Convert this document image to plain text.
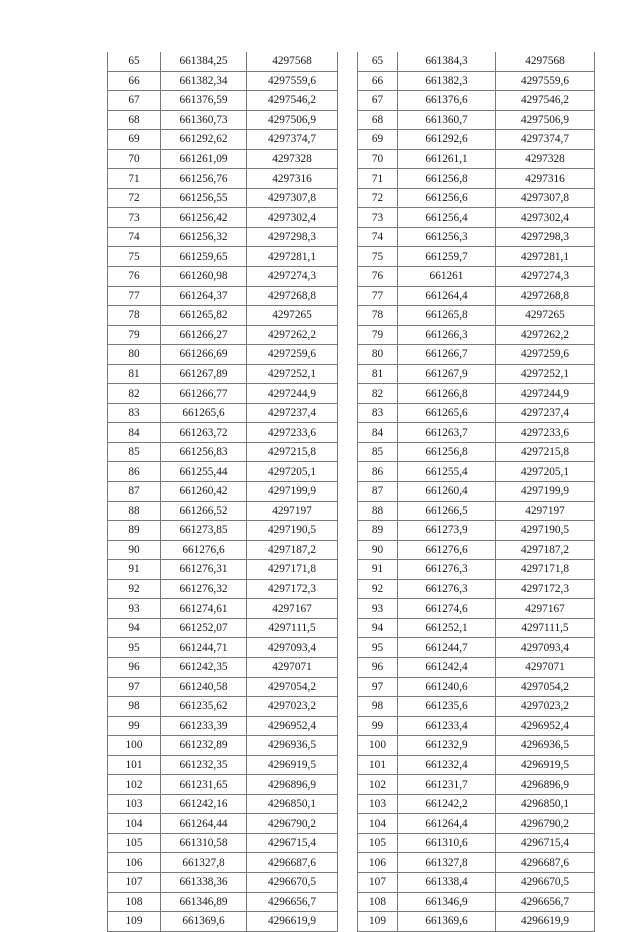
65	661384,25	4297568
66	661382,34	4297559,6
67	661376,59	4297546,2
68	661360,73	4297506,9
69	661292,62	4297374,7
70	661261,09	4297328
71	661256,76	4297316
72	661256,55	4297307,8
73	661256,42	4297302,4
74	661256,32	4297298,3
75	661259,65	4297281,1
76	661260,98	4297274,3
77	661264,37	4297268,8
78	661265,82	4297265
79	661266,27	4297262,2
80	661266,69	4297259,6
81	661267,89	4297252,1
82	661266,77	4297244,9
83	661265,6	4297237,4
84	661263,72	4297233,6
85	661256,83	4297215,8
86	661255,44	4297205,1
87	661260,42	4297199,9
88	661266,52	4297197
89	661273,85	4297190,5
90	661276,6	4297187,2
91	661276,31	4297171,8
92	661276,32	4297172,3
93	661274,61	4297167
94	661252,07	4297111,5
95	661244,71	4297093,4
96	661242,35	4297071
97	661240,58	4297054,2
98	661235,62	4297023,2
99	661233,39	4296952,4
100	661232,89	4296936,5
101	661232,35	4296919,5
102	661231,65	4296896,9
103	661242,16	4296850,1
104	661264,44	4296790,2
105	661310,58	4296715,4
106	661327,8	4296687,6
107	661338,36	4296670,5
108	661346,89	4296656,7
109	661369,6	4296619,9
65	661384,3	4297568
66	661382,3	4297559,6
67	661376,6	4297546,2
68	661360,7	4297506,9
69	661292,6	4297374,7
70	661261,1	4297328
71	661256,8	4297316
72	661256,6	4297307,8
73	661256,4	4297302,4
74	661256,3	4297298,3
75	661259,7	4297281,1
76	661261	4297274,3
77	661264,4	4297268,8
78	661265,8	4297265
79	661266,3	4297262,2
80	661266,7	4297259,6
81	661267,9	4297252,1
82	661266,8	4297244,9
83	661265,6	4297237,4
84	661263,7	4297233,6
85	661256,8	4297215,8
86	661255,4	4297205,1
87	661260,4	4297199,9
88	661266,5	4297197
89	661273,9	4297190,5
90	661276,6	4297187,2
91	661276,3	4297171,8
92	661276,3	4297172,3
93	661274,6	4297167
94	661252,1	4297111,5
95	661244,7	4297093,4
96	661242,4	4297071
97	661240,6	4297054,2
98	661235,6	4297023,2
99	661233,4	4296952,4
100	661232,9	4296936,5
101	661232,4	4296919,5
102	661231,7	4296896,9
103	661242,2	4296850,1
104	661264,4	4296790,2
105	661310,6	4296715,4
106	661327,8	4296687,6
107	661338,4	4296670,5
108	661346,9	4296656,7
109	661369,6	4296619,9
